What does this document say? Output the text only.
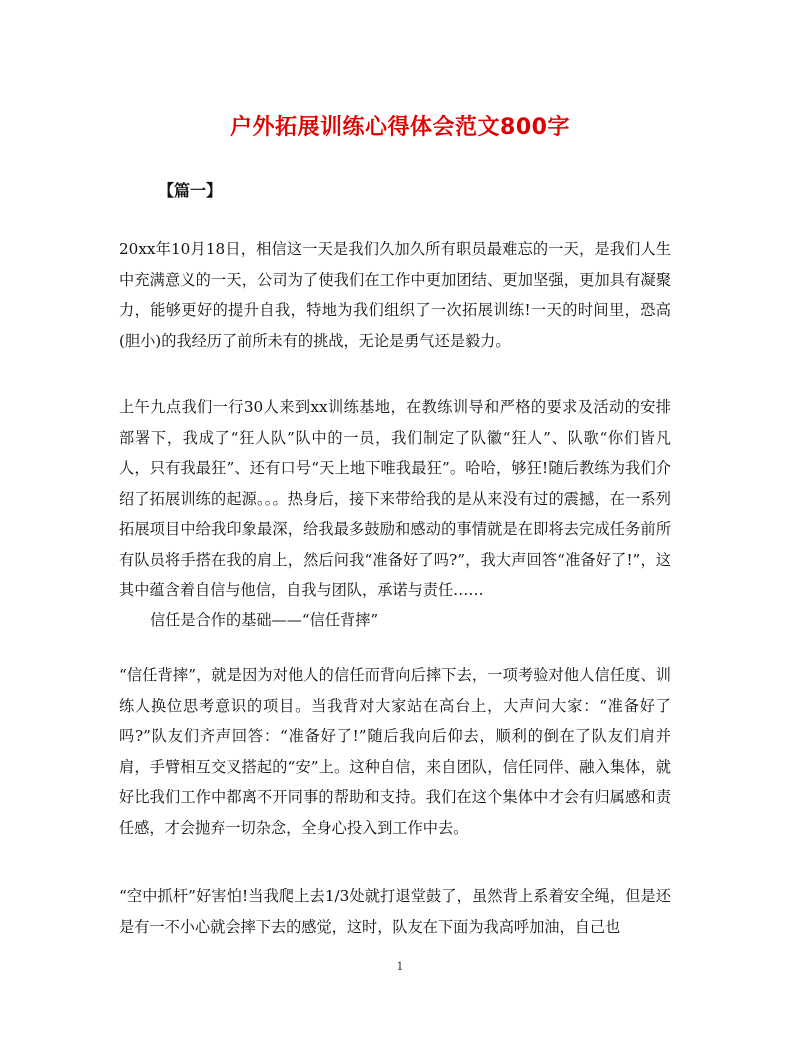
户外拓展训练心得体会范文800字
【篇一】
20xx年10月18日，相信这一天是我们久加久所有职员最难忘的一天，是我们人生中充满意义的一天，公司为了使我们在工作中更加团结、更加坚强，更加具有凝聚力，能够更好的提升自我，特地为我们组织了一次拓展训练!一天的时间里，恐高(胆小)的我经历了前所未有的挑战，无论是勇气还是毅力。
上午九点我们一行30人来到xx训练基地，在教练训导和严格的要求及活动的安排部署下，我成了“狂人队”队中的一员，我们制定了队徽“狂人”、队歌“你们皆凡人，只有我最狂”、还有口号“天上地下唯我最狂”。哈哈，够狂!随后教练为我们介绍了拓展训练的起源。。。热身后，接下来带给我的是从来没有过的震撼，在一系列拓展项目中给我印象最深，给我最多鼓励和感动的事情就是在即将去完成任务前所有队员将手搭在我的肩上，然后问我“准备好了吗?”，我大声回答“准备好了!”，这其中蕴含着自信与他信，自我与团队，承诺与责任……
信任是合作的基础——“信任背摔”
“信任背摔”，就是因为对他人的信任而背向后摔下去，一项考验对他人信任度、训练人换位思考意识的项目。当我背对大家站在高台上，大声问大家：“准备好了吗?”队友们齐声回答：“准备好了!”随后我向后仰去，顺利的倒在了队友们肩并肩，手臂相互交叉搭起的“安”上。这种自信，来自团队，信任同伴、融入集体，就好比我们工作中都离不开同事的帮助和支持。我们在这个集体中才会有归属感和责任感，才会抛弃一切杂念，全身心投入到工作中去。
“空中抓杆”好害怕!当我爬上去1/3处就打退堂鼓了，虽然背上系着安全绳，但是还是有一不小心就会摔下去的感觉，这时，队友在下面为我高呼加油，自己也
1
